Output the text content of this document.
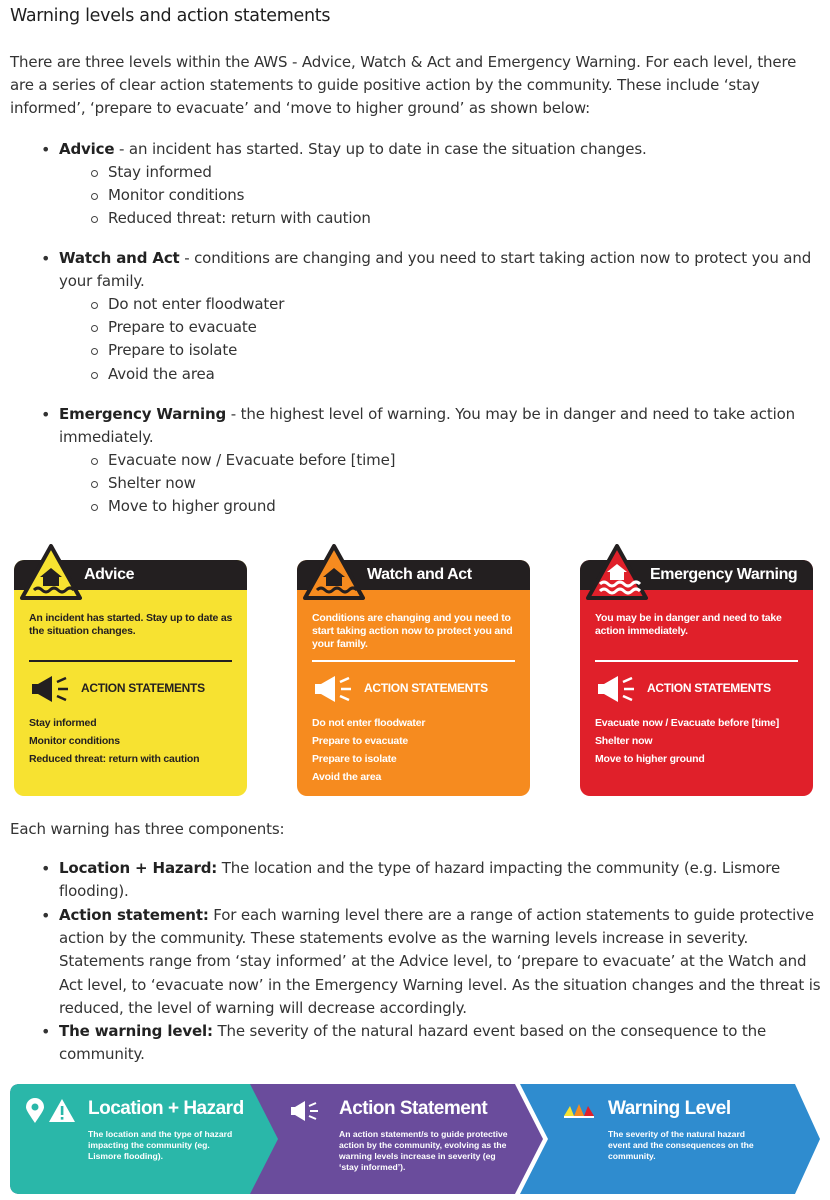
Warning levels and action statements

There are three levels within the AWS - Advice, Watch & Act and Emergency Warning. For each level, there are a series of clear action statements to guide positive action by the community. These include ‘stay informed’, ‘prepare to evacuate’ and ‘move to higher ground’ as shown below:

• Advice - an incident has started. Stay up to date in case the situation changes.

Stay informed
Monitor conditions
Reduced threat: return with caution

• Watch and Act - conditions are changing and you need to start taking action now to protect you and your family.

Do not enter floodwater
Prepare to evacuate
Prepare to isolate
Avoid the area

• Emergency Warning - the highest level of warning. You may be in danger and need to take action immediately.

Evacuate now / Evacuate before [time]
Shelter now
Move to higher ground
Advice
An incident has started. Stay up to date as the situation changes.
ACTION STATEMENTS
Stay informed
Monitor conditions
Reduced threat: return with caution
Watch and Act
Conditions are changing and you need to start taking action now to protect you and your family.
ACTION STATEMENTS
Do not enter floodwater
Prepare to evacuate
Prepare to isolate
Avoid the area
Emergency Warning
You may be in danger and need to take action immediately.
ACTION STATEMENTS
Evacuate now / Evacuate before [time]
Shelter now
Move to higher ground

Each warning has three components:

• Location + Hazard: The location and the type of hazard impacting the community (e.g. Lismore flooding).

• Action statement: For each warning level there are a range of action statements to guide protective action by the community. These statements evolve as the warning levels increase in severity. Statements range from ‘stay informed’ at the Advice level, to ‘prepare to evacuate’ at the Watch and Act level, to ‘evacuate now’ in the Emergency Warning level. As the situation changes and the threat is reduced, the level of warning will decrease accordingly.

• The warning level: The severity of the natural hazard event based on the consequence to the community.

Location + Hazard
The location and the type of hazard impacting the community (eg. Lismore flooding).
Action Statement
An action statement/s to guide protective action by the community, evolving as the warning levels increase in severity (eg ‘stay informed’).
Warning Level
The severity of the natural hazard event and the consequences on the community.
